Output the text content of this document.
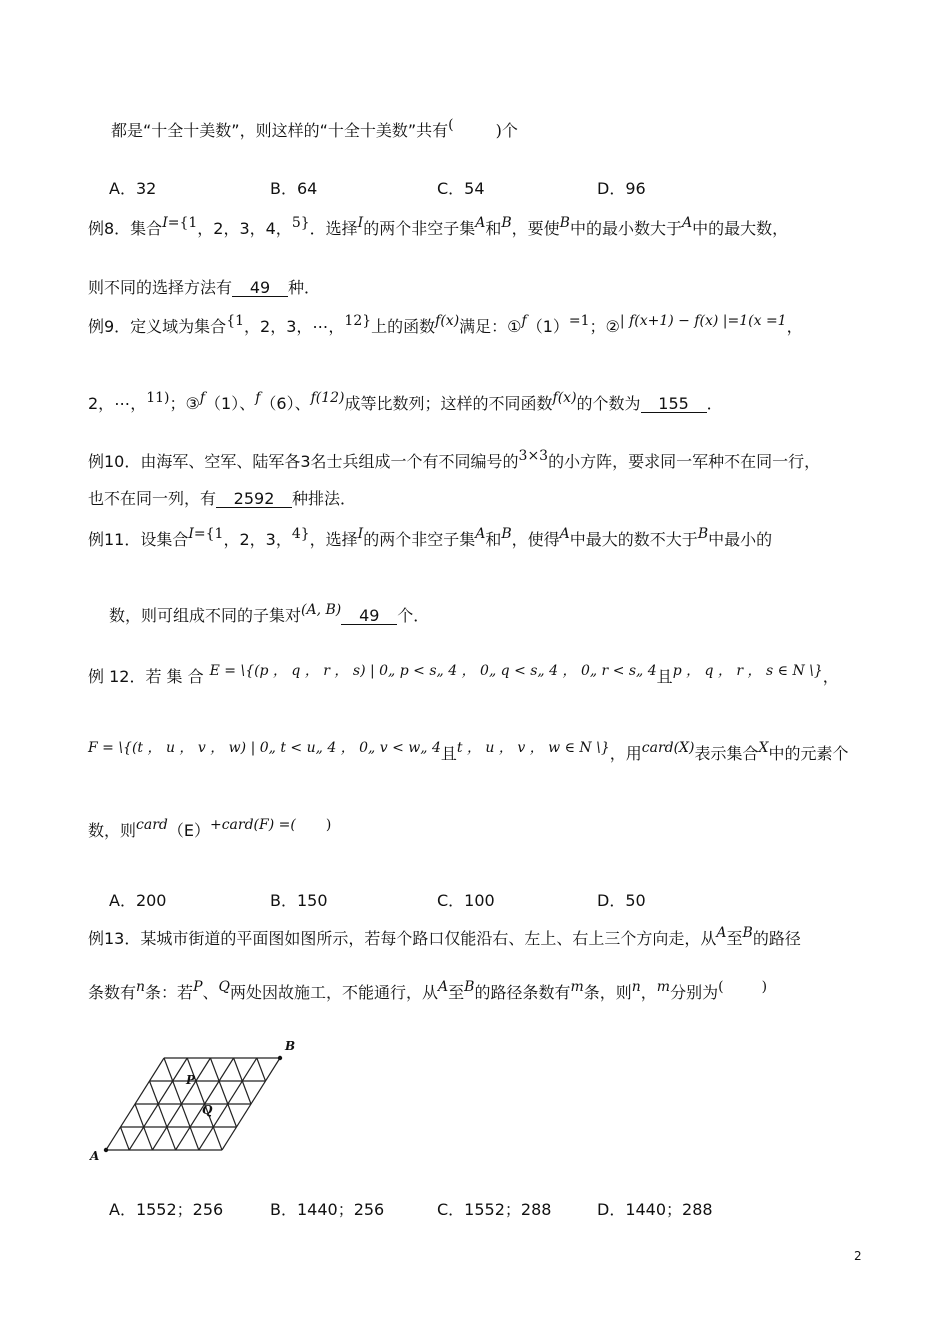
都是“十全十美数”，则这样的“十全十美数”共有(	)个
A．32	B．64	C．54	D．96
例8．集合I={1，2，3，4，5}．选择I的两个非空子集A和B，要使B中的最小数大于A中的最大数，
则不同的选择方法有 49 种．
例9．定义域为集合{1，2，3，⋯，12}上的函数f(x)满足：①f（1）=1；②| f(x+1) − f(x) |=1(x =1，
2，⋯，11)；③f（1）、f（6）、f(12)成等比数列；这样的不同函数f(x)的个数为 155 ．
例10．由海军、空军、陆军各3名士兵组成一个有不同编号的3×3的小方阵，要求同一军种不在同一行，
也不在同一列，有 2592 种排法．
例11．设集合I={1，2，3，4}，选择I的两个非空子集A和B，使得A中最大的数不大于B中最小的
数，则可组成不同的子集对(A, B) 49 个．
例 12．若 集 合 E = \{(p ， q ， r ， s) | 0„ p < s„ 4 ， 0„ q < s„ 4 ， 0„ r < s„ 4且p ， q ， r ， s ∈ N \}，
F = \{(t ， u ， v ， w) | 0„ t < u„ 4 ， 0„ v < w„ 4且t ， u ， v ， w ∈ N \}，用card(X)表示集合X中的元素个
数，则card（E）+card(F) =( )
A．200	B．150	C．100	D．50
例13．某城市街道的平面图如图所示，若每个路口仅能沿右、左上、右上三个方向走，从A至B的路径
条数有n条：若P、Q两处因故施工，不能通行，从A至B的路径条数有m条，则n，m分别为(	)
A
B
P
Q
A．1552；256	B．1440；256	C．1552；288	D．1440；288
2
